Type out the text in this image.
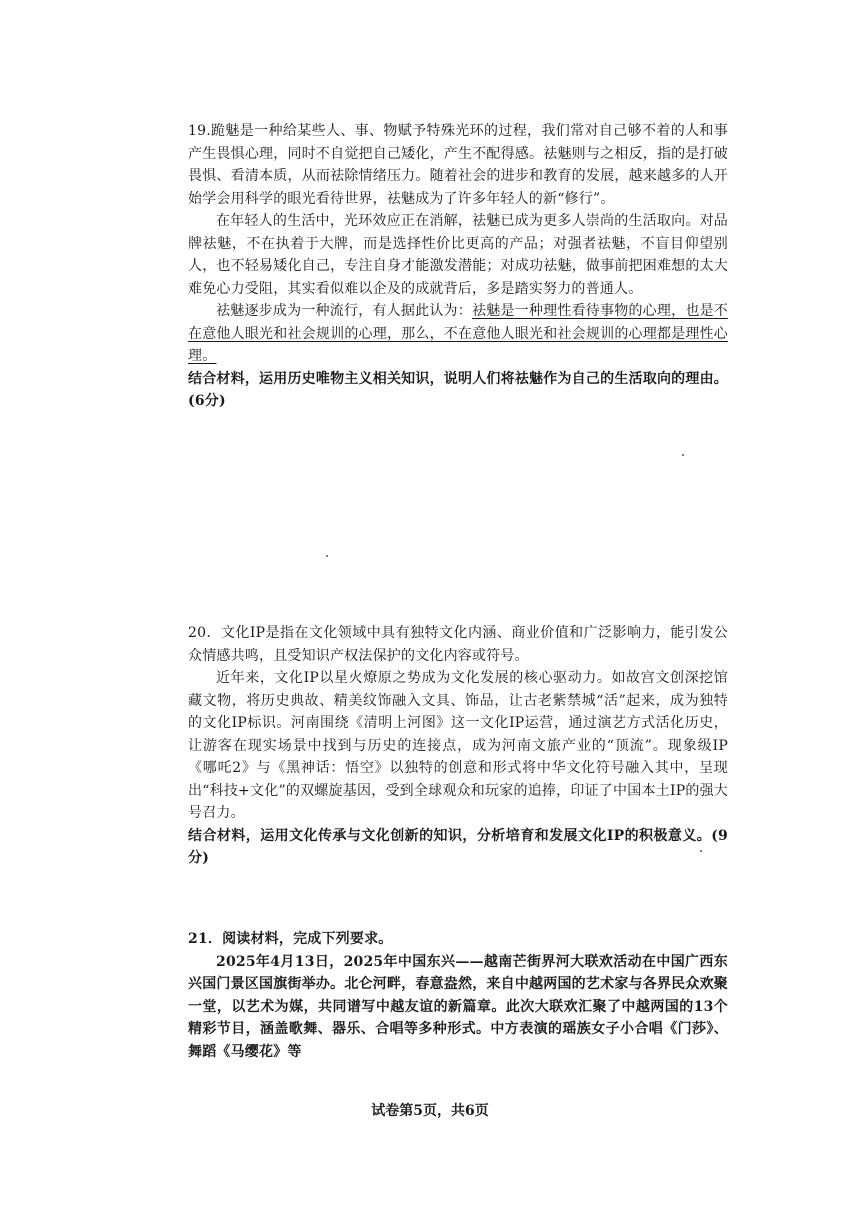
19.跪魅是一种给某些人、事、物赋予特殊光环的过程，我们常对自己够不着的人和事产生畏惧心理，同时不自觉把自己矮化，产生不配得感。祛魅则与之相反，指的是打破畏惧、看清本质，从而祛除情绪压力。随着社会的进步和教育的发展，越来越多的人开始学会用科学的眼光看待世界，祛魅成为了许多年轻人的新“修行”。

在年轻人的生活中，光环效应正在消解，祛魅已成为更多人崇尚的生活取向。对品牌祛魅，不在执着于大牌，而是选择性价比更高的产品；对强者祛魅，不盲目仰望别人，也不轻易矮化自己，专注自身才能激发潜能；对成功祛魅，做事前把困难想的太大难免心力受阻，其实看似难以企及的成就背后，多是踏实努力的普通人。

祛魅逐步成为一种流行，有人据此认为：祛魅是一种理性看待事物的心理，也是不在意他人眼光和社会规训的心理，那么，不在意他人眼光和社会规训的心理都是理性心理。

结合材料，运用历史唯物主义相关知识，说明人们将祛魅作为自己的生活取向的理由。(6分)

20．文化IP是指在文化领域中具有独特文化内涵、商业价值和广泛影响力，能引发公众情感共鸣，且受知识产权法保护的文化内容或符号。

近年来，文化IP以星火燎原之势成为文化发展的核心驱动力。如故宫文创深挖馆藏文物，将历史典故、精美纹饰融入文具、饰品，让古老紫禁城“活”起来，成为独特的文化IP标识。河南围绕《清明上河图》这一文化IP运营，通过演艺方式活化历史，让游客在现实场景中找到与历史的连接点，成为河南文旅产业的“顶流”。现象级IP《哪吒2》与《黑神话：悟空》以独特的创意和形式将中华文化符号融入其中，呈现出“科技+文化”的双螺旋基因，受到全球观众和玩家的追捧，印证了中国本土IP的强大号召力。

结合材料，运用文化传承与文化创新的知识，分析培育和发展文化IP的积极意义。(9分)

21．阅读材料，完成下列要求。

2025年4月13日，2025年中国东兴——越南芒街界河大联欢活动在中国广西东兴国门景区国旗街举办。北仑河畔，春意盎然，来自中越两国的艺术家与各界民众欢聚一堂，以艺术为媒，共同谱写中越友谊的新篇章。此次大联欢汇聚了中越两国的13个精彩节目，涵盖歌舞、器乐、合唱等多种形式。中方表演的瑶族女子小合唱《门莎》、舞蹈《马缨花》等

试卷第5页，共6页
